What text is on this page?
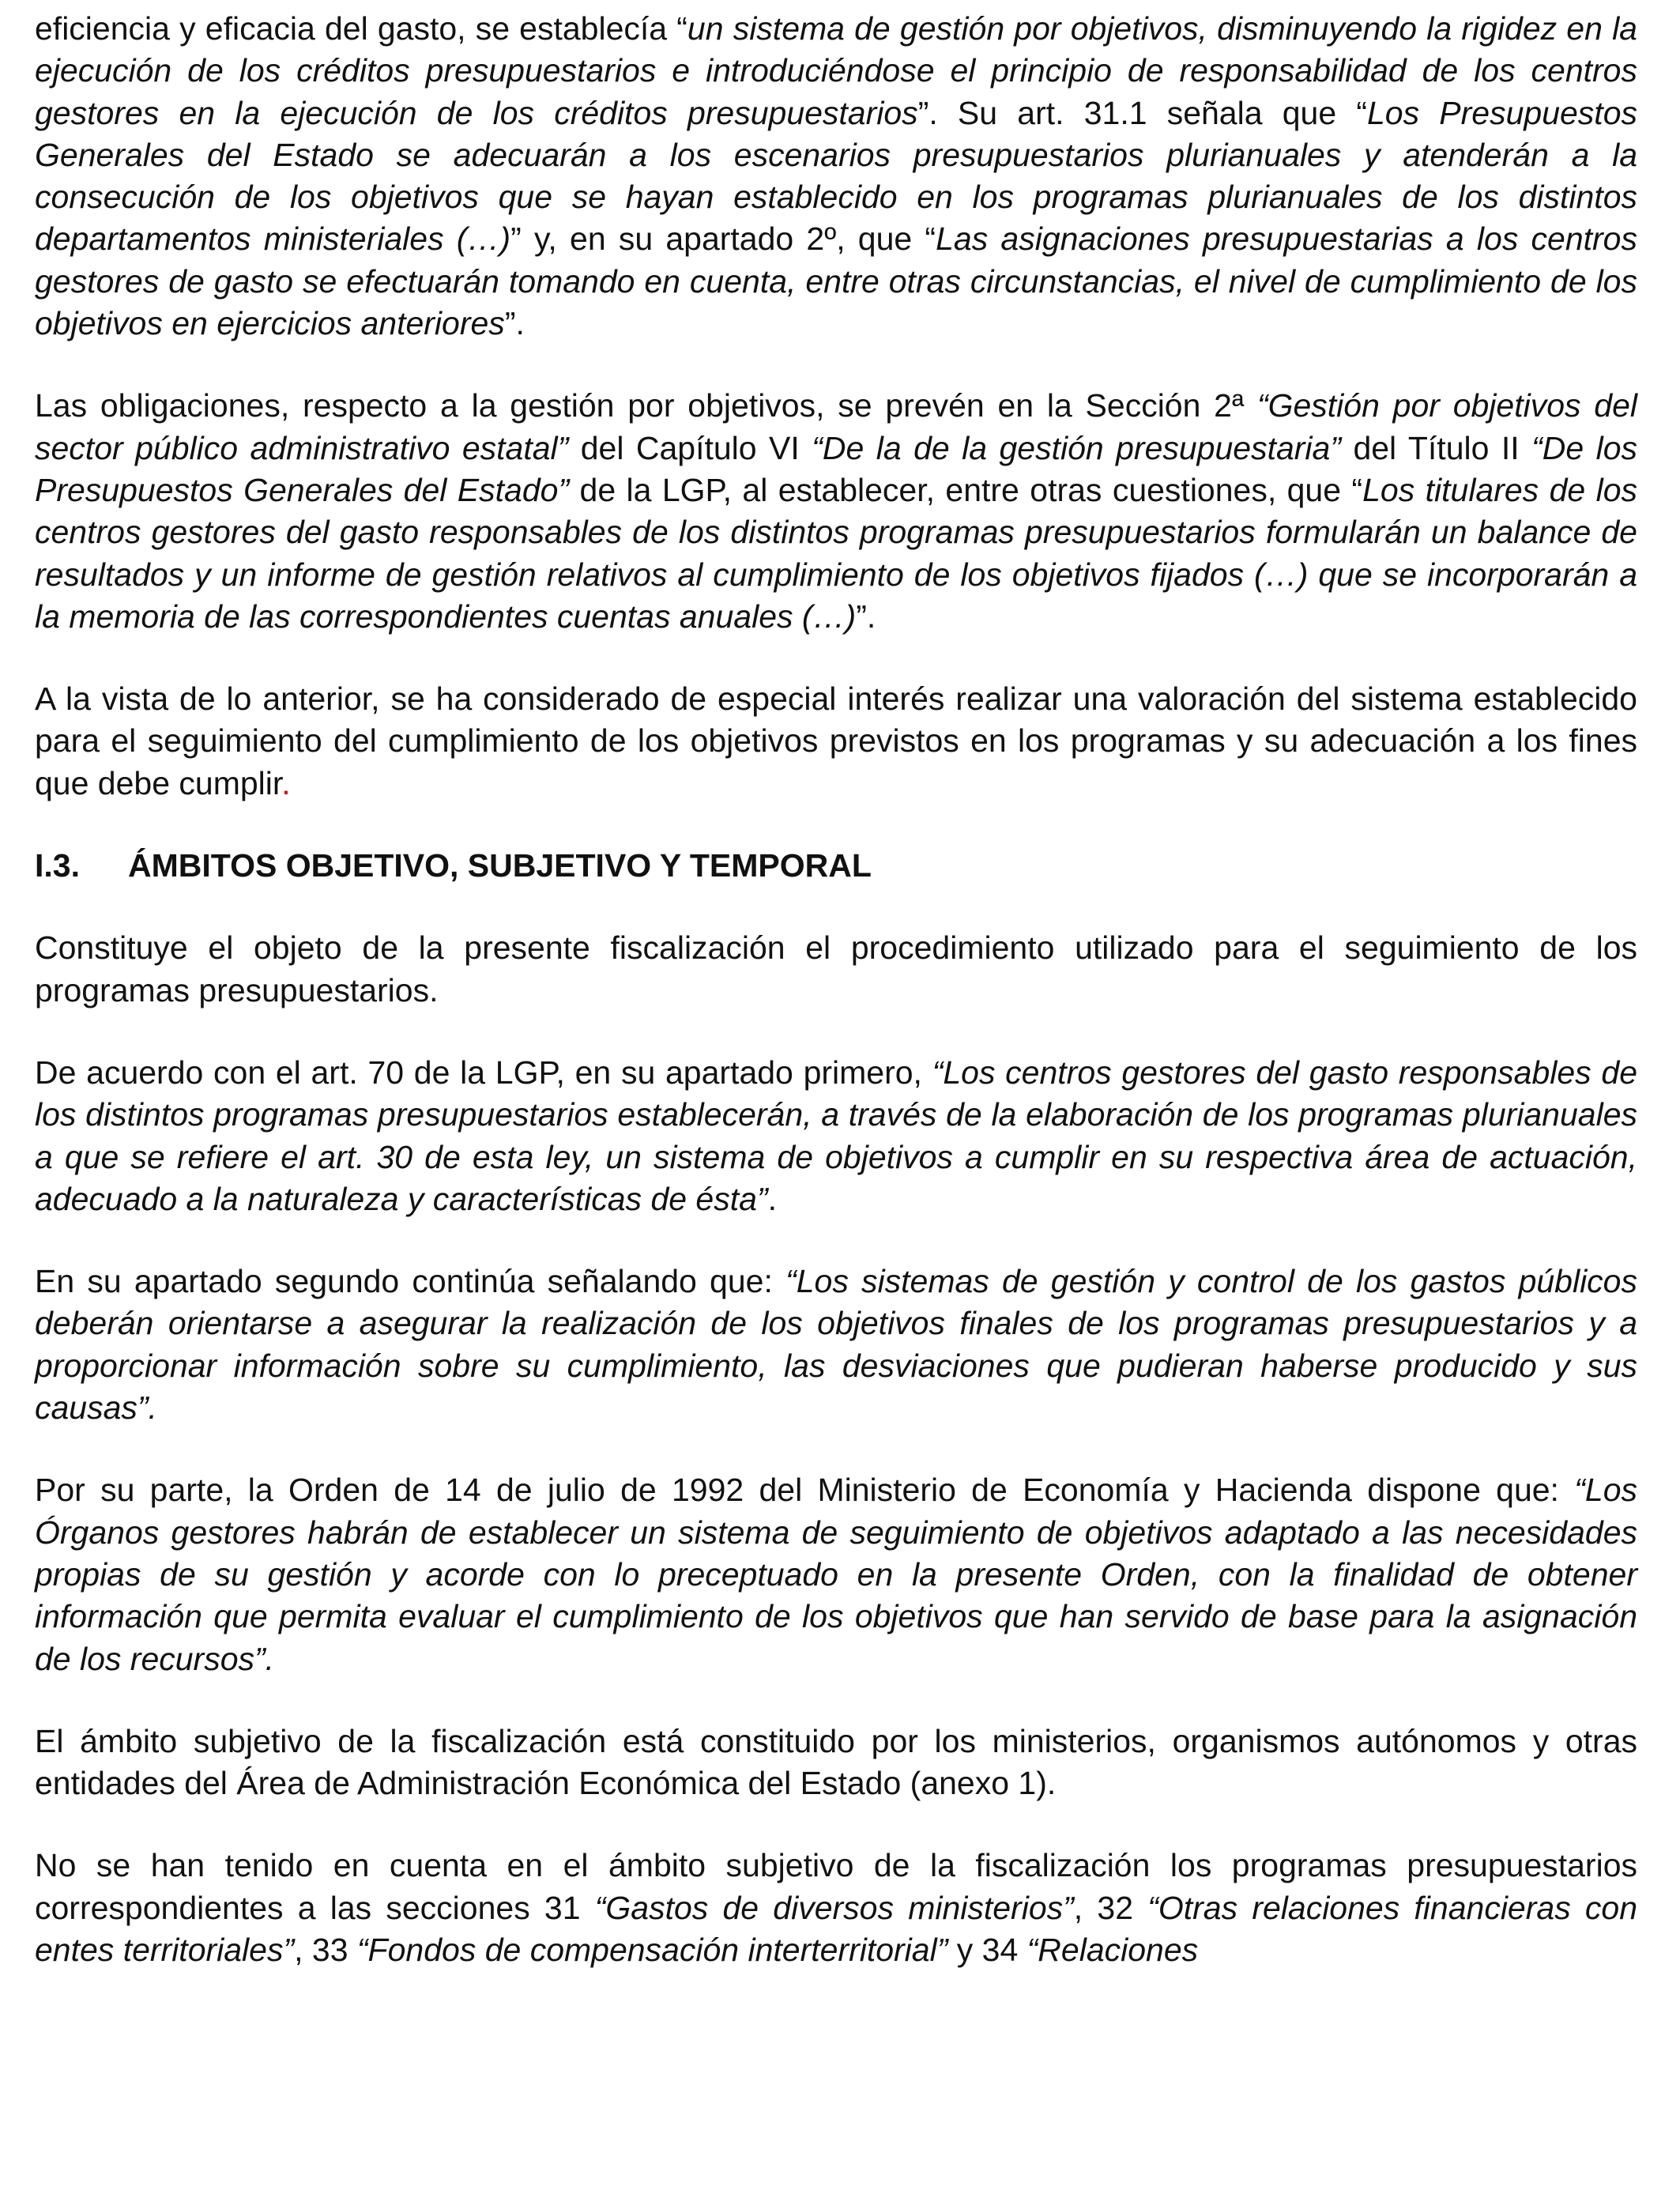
eficiencia y eficacia del gasto, se establecía “un sistema de gestión por objetivos, disminuyendo la rigidez en la ejecución de los créditos presupuestarios e introduciéndose el principio de responsabilidad de los centros gestores en la ejecución de los créditos presupuestarios”. Su art. 31.1 señala que “Los Presupuestos Generales del Estado se adecuarán a los escenarios presupuestarios plurianuales y atenderán a la consecución de los objetivos que se hayan establecido en los programas plurianuales de los distintos departamentos ministeriales (…)” y, en su apartado 2º, que “Las asignaciones presupuestarias a los centros gestores de gasto se efectuarán tomando en cuenta, entre otras circunstancias, el nivel de cumplimiento de los objetivos en ejercicios anteriores”.

Las obligaciones, respecto a la gestión por objetivos, se prevén en la Sección 2ª “Gestión por objetivos del sector público administrativo estatal” del Capítulo VI “De la de la gestión presupuestaria” del Título II “De los Presupuestos Generales del Estado” de la LGP, al establecer, entre otras cuestiones, que “Los titulares de los centros gestores del gasto responsables de los distintos programas presupuestarios formularán un balance de resultados y un informe de gestión relativos al cumplimiento de los objetivos fijados (…) que se incorporarán a la memoria de las correspondientes cuentas anuales (…)”.

A la vista de lo anterior, se ha considerado de especial interés realizar una valoración del sistema establecido para el seguimiento del cumplimiento de los objetivos previstos en los programas y su adecuación a los fines que debe cumplir.

I.3.	ÁMBITOS OBJETIVO, SUBJETIVO Y TEMPORAL

Constituye el objeto de la presente fiscalización el procedimiento utilizado para el seguimiento de los programas presupuestarios.

De acuerdo con el art. 70 de la LGP, en su apartado primero, “Los centros gestores del gasto responsables de los distintos programas presupuestarios establecerán, a través de la elaboración de los programas plurianuales a que se refiere el art. 30 de esta ley, un sistema de objetivos a cumplir en su respectiva área de actuación, adecuado a la naturaleza y características de ésta”.

En su apartado segundo continúa señalando que: “Los sistemas de gestión y control de los gastos públicos deberán orientarse a asegurar la realización de los objetivos finales de los programas presupuestarios y a proporcionar información sobre su cumplimiento, las desviaciones que pudieran haberse producido y sus causas”.

Por su parte, la Orden de 14 de julio de 1992 del Ministerio de Economía y Hacienda dispone que: “Los Órganos gestores habrán de establecer un sistema de seguimiento de objetivos adaptado a las necesidades propias de su gestión y acorde con lo preceptuado en la presente Orden, con la finalidad de obtener información que permita evaluar el cumplimiento de los objetivos que han servido de base para la asignación de los recursos”.

El ámbito subjetivo de la fiscalización está constituido por los ministerios, organismos autónomos y otras entidades del Área de Administración Económica del Estado (anexo 1).

No se han tenido en cuenta en el ámbito subjetivo de la fiscalización los programas presupuestarios correspondientes a las secciones 31 “Gastos de diversos ministerios”, 32 “Otras relaciones financieras con entes territoriales”, 33 “Fondos de compensación interterritorial” y 34 “Relaciones
